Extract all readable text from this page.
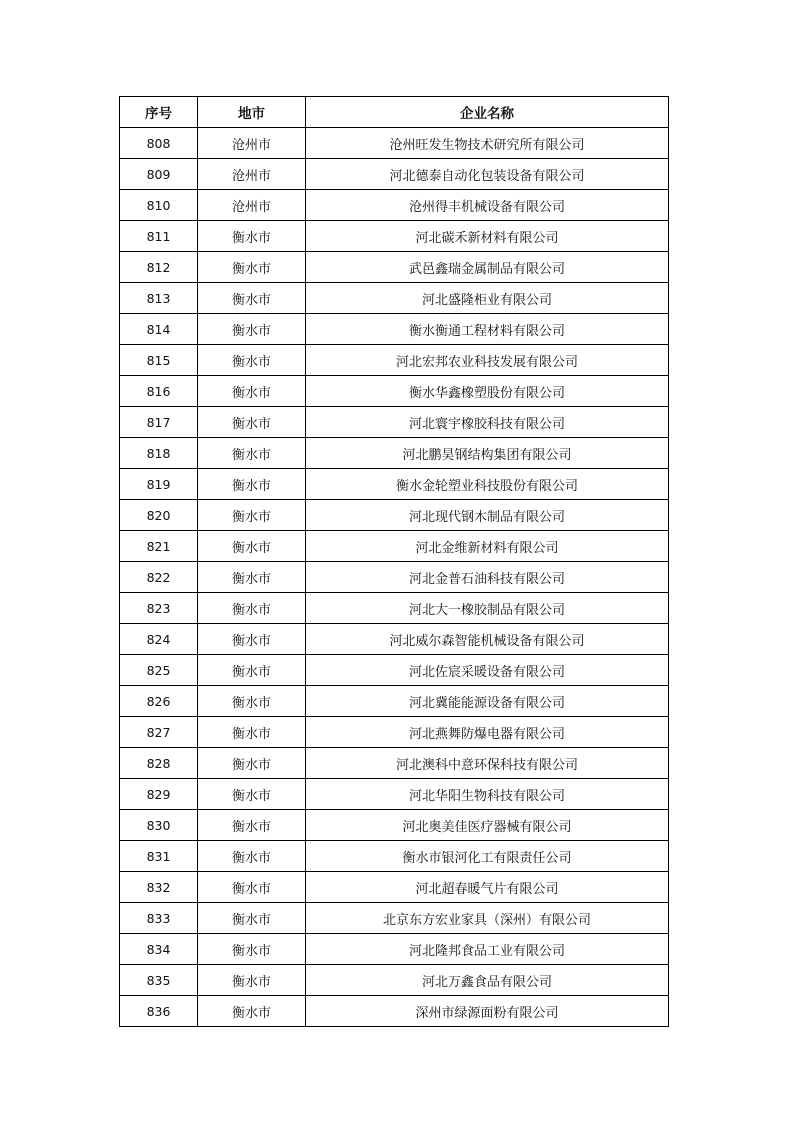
序号	地市	企业名称
808	沧州市	沧州旺发生物技术研究所有限公司
809	沧州市	河北德泰自动化包装设备有限公司
810	沧州市	沧州得丰机械设备有限公司
811	衡水市	河北碳禾新材料有限公司
812	衡水市	武邑鑫瑞金属制品有限公司
813	衡水市	河北盛隆柜业有限公司
814	衡水市	衡水衡通工程材料有限公司
815	衡水市	河北宏邦农业科技发展有限公司
816	衡水市	衡水华鑫橡塑股份有限公司
817	衡水市	河北寰宇橡胶科技有限公司
818	衡水市	河北鹏昊钢结构集团有限公司
819	衡水市	衡水金轮塑业科技股份有限公司
820	衡水市	河北现代钢木制品有限公司
821	衡水市	河北金维新材料有限公司
822	衡水市	河北金普石油科技有限公司
823	衡水市	河北大一橡胶制品有限公司
824	衡水市	河北威尔森智能机械设备有限公司
825	衡水市	河北佐宸采暖设备有限公司
826	衡水市	河北冀能能源设备有限公司
827	衡水市	河北燕舞防爆电器有限公司
828	衡水市	河北澳科中意环保科技有限公司
829	衡水市	河北华阳生物科技有限公司
830	衡水市	河北奥美佳医疗器械有限公司
831	衡水市	衡水市银河化工有限责任公司
832	衡水市	河北超春暖气片有限公司
833	衡水市	北京东方宏业家具（深州）有限公司
834	衡水市	河北隆邦食品工业有限公司
835	衡水市	河北万鑫食品有限公司
836	衡水市	深州市绿源面粉有限公司
